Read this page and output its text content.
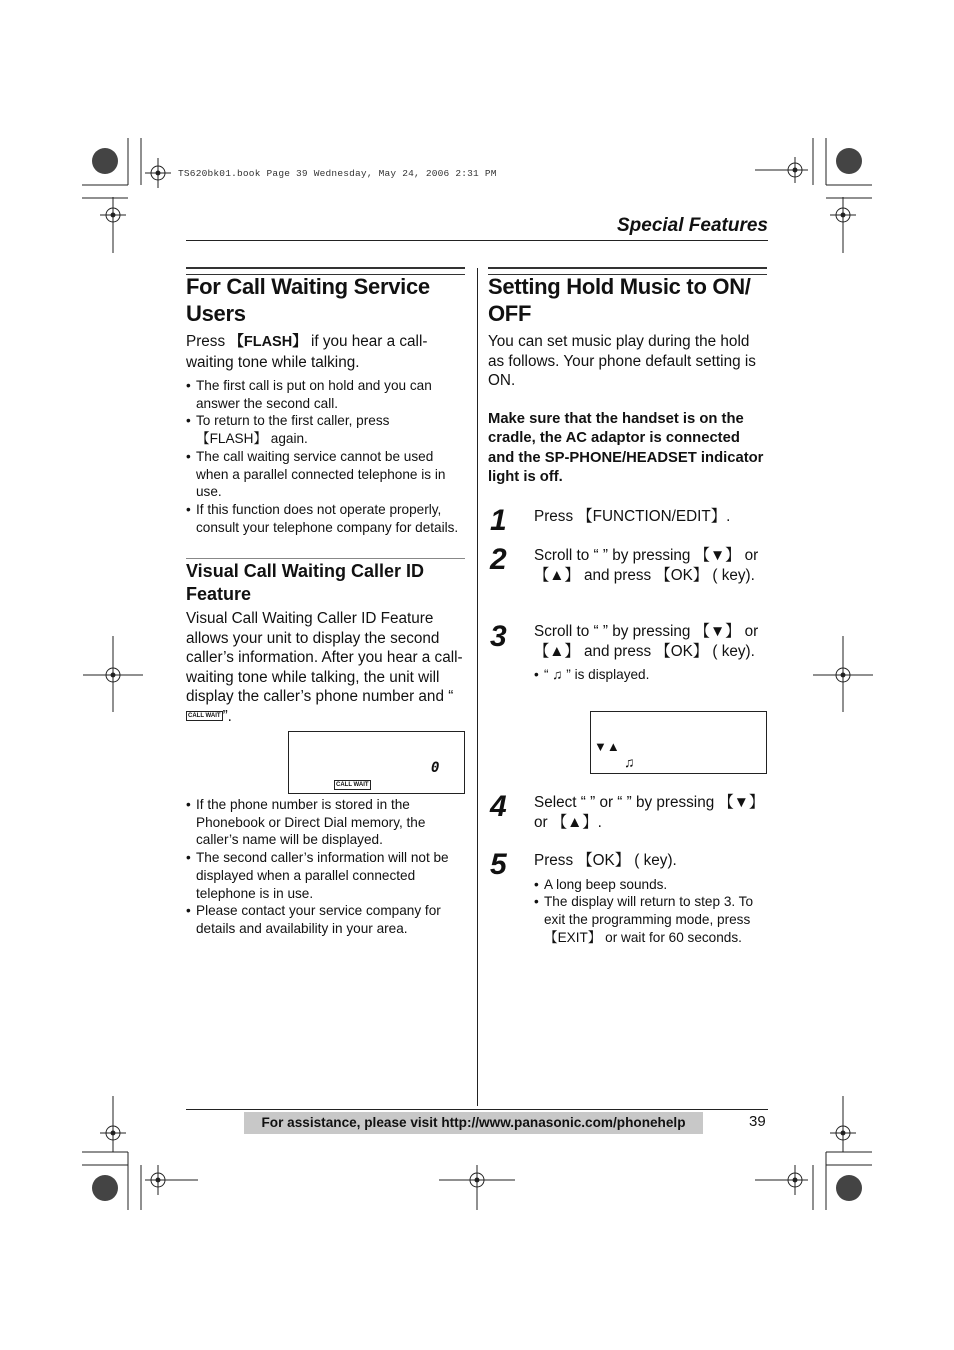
TS620bk01.book Page 39 Wednesday, May 24, 2006 2:31 PM
Special Features
For Call Waiting Service Users

Press 【FLASH】 if you hear a call-waiting tone while talking.

• The first call is put on hold and you can answer the second call.
• To return to the first caller, press 【FLASH】 again.
• The call waiting service cannot be used when a parallel connected telephone is in use.
• If this function does not operate properly, consult your telephone company for details.
Visual Call Waiting Caller ID Feature

Visual Call Waiting Caller ID Feature allows your unit to display the second caller’s information. After you hear a call-waiting tone while talking, the unit will display the caller’s phone number and “CALL WAIT ”.

CALL WAIT
0
• If the phone number is stored in the Phonebook or Direct Dial memory, the caller’s name will be displayed.
• The second caller’s information will not be displayed when a parallel connected telephone is in use.
• Please contact your service company for details and availability in your area.
Setting Hold Music to ON/ OFF

You can set music play during the hold as follows. Your phone default setting is ON.

Make sure that the handset is on the cradle, the AC adaptor is connected and the SP-PHONE/HEADSET indicator light is off.

1 Press 【FUNCTION/EDIT】.

2 Scroll to “ ” by pressing 【▼】 or 【▲】 and press 【OK】 ( key).

3 Scroll to “ ” by pressing 【▼】 or 【▲】 and press 【OK】 ( key).

• “ ♫ ” is displayed.
▼▲
♫
4 Select “ ” or “ ” by pressing 【▼】 or 【▲】.

5 Press 【OK】 ( key).

• A long beep sounds.
• The display will return to step 3. To exit the programming mode, press 【EXIT】 or wait for 60 seconds.
For assistance, please visit http://www.panasonic.com/phonehelp	39
